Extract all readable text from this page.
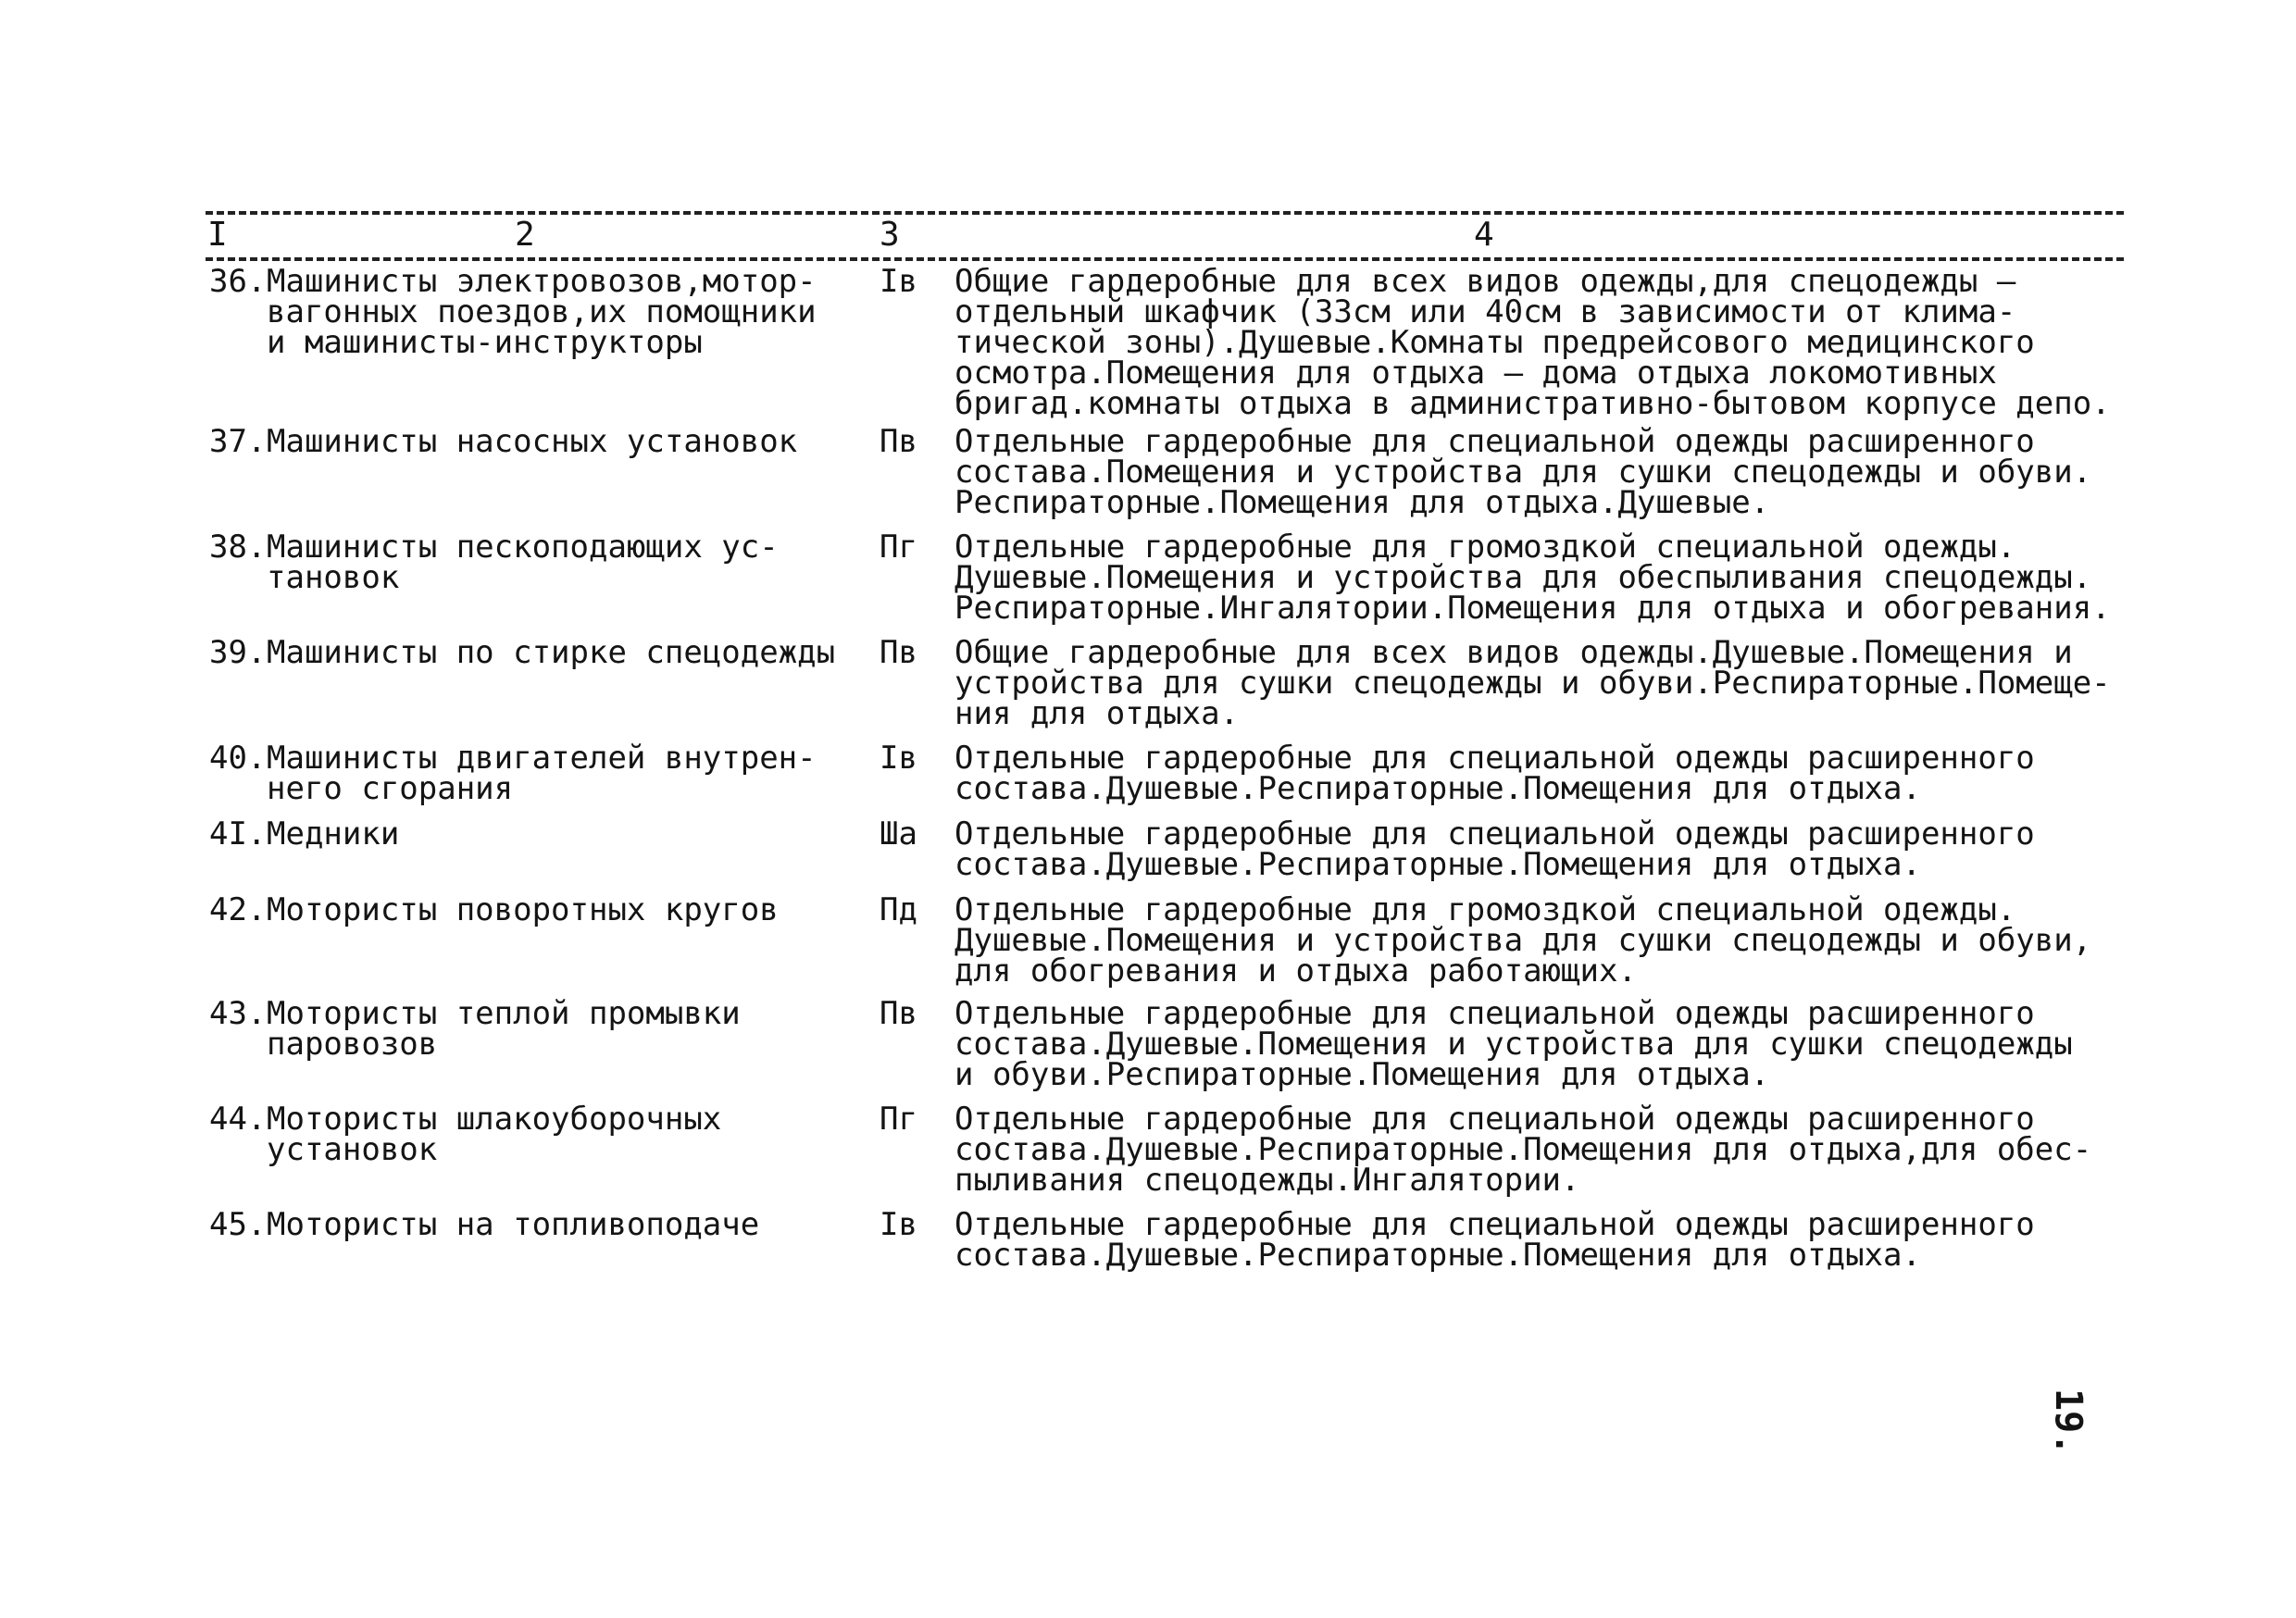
I	2	3	4
36. Машинисты электровозов,мотор-
вагонных поездов,их помощники
и машинисты-инструкторы
Iв	Общие гардеробные для всех видов одежды,для спецодежды –
отдельный шкафчик (33см или 40см в зависимости от клима-
тической зоны).Душевые.Комнаты предрейсового медицинского
осмотра.Помещения для отдыха – дома отдыха локомотивных
бригад.комнаты отдыха в административно-бытовом корпусе депо.
37. Машинисты насосных установок	Пв	Отдельные гардеробные для специальной одежды расширенного
состава.Помещения и устройства для сушки спецодежды и обуви.
Респираторные.Помещения для отдыха.Душевые.
38. Машинисты пескоподающих ус-
тановок
Пг	Отдельные гардеробные для громоздкой специальной одежды.
Душевые.Помещения и устройства для обеспыливания спецодежды.
Респираторные.Ингалятории.Помещения для отдыха и обогревания.
39. Машинисты по стирке спецодежды	Пв	Общие гардеробные для всех видов одежды.Душевые.Помещения и
устройства для сушки спецодежды и обуви.Респираторные.Помеще-
ния для отдыха.
40. Машинисты двигателей внутрен-
него сгорания
Iв	Отдельные гардеробные для специальной одежды расширенного
состава.Душевые.Респираторные.Помещения для отдыха.
4I. Медники	Ша	Отдельные гардеробные для специальной одежды расширенного
состава.Душевые.Респираторные.Помещения для отдыха.
42. Мотористы поворотных кругов	Пд	Отдельные гардеробные для громоздкой специальной одежды.
Душевые.Помещения и устройства для сушки спецодежды и обуви,
для обогревания и отдыха работающих.
43. Мотористы теплой промывки
паровозов
Пв	Отдельные гардеробные для специальной одежды расширенного
состава.Душевые.Помещения и устройства для сушки спецодежды
и обуви.Респираторные.Помещения для отдыха.
44. Мотористы шлакоуборочных
установок
Пг	Отдельные гардеробные для специальной одежды расширенного
состава.Душевые.Респираторные.Помещения для отдыха,для обес-
пыливания спецодежды.Ингалятории.
45. Мотористы на топливоподаче	Iв	Отдельные гардеробные для специальной одежды расширенного
состава.Душевые.Респираторные.Помещения для отдыха.
19.
